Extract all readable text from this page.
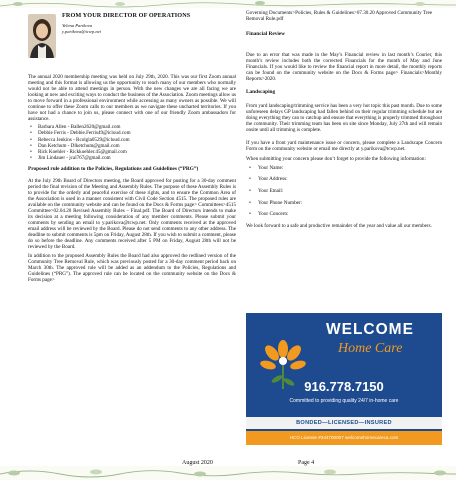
FROM YOUR DIRECTOR OF OPERATIONS
Yelena Parikova
y.parikova@tcwp.net

The annual 2020 membership meeting was held on July 29th, 2020. This was our first Zoom annual meeting and this format is allowing us the opportunity to reach many of our members who normally would not be able to attend meetings in person. With the new changes we are all facing we are looking at new and exciting ways to conduct the business of the Association. Zoom meetings allow us to move forward in a professional environment while accessing as many owners as possible. We will continue to offer these Zoom calls to our members as we navigate these uncharted territories. If you have not had a chance to join us, please connect with one of our friendly Zoom ambassadors for assistance.

• Barbara Allen - Ballen2620@gmail.com
• Debbie Ferris - Debbie.Ferris49@icloud.com
• Rebecca Jenkins - Rcolgla0529@icloud.com
• Dan Ketchum - Dlketchum@gmail.com
• Rick Koehler - Rickkoehler.45@gmail.com
• Jim Lindauer - jcal767@gmail.com

Proposed rule addition to the Policies, Regulations and Guidelines (“PRG”)

At the July 29th Board of Directors meeting, the Board approved for posting for a 30-day comment period the final revision of the Meeting and Assembly Rules. The purpose of these Assembly Rules is to provide for the orderly and peaceful exercise of these rights, and to ensure the Common Area of the Association is used in a manner consistent with Civil Code Section 4515. The proposed rules are available on the community website and can be found on the Docs & Forms page> Committees>4515 Committee>02.04.20 Revised Assembly Rules – Final.pdf. The Board of Directors intends to make its decision at a meeting following consideration of any member comments. Please submit your comments by sending an email to y.parikova@tcwp.net. Only comments received at the approved email address will be reviewed by the Board. Please do not send comments to any other address. The deadline to submit comments is 5pm on Friday, August 28th. If you wish to submit a comment, please do so before the deadline. Any comments received after 5 PM on Friday, August 28th will not be reviewed by the Board.

In addition to the proposed Assembly Rules the Board had also approved the redlined version of the Community Tree Removal Rule, which was previously posted for a 30-day comment period back on March 30th. The approved rule will be added as an addendum to the Policies, Regulations and Guidelines (“PRG”). The approved rule can be located on the community website on the Docs & Forms page>

Governing Documents>Policies, Rules & Guidelines>07.30.20 Approved Community Tree Removal Rule.pdf

Financial Review

Due to an error that was made in the May’s Financial review in last month’s Courier, this month’s review includes both the corrected Financials for the month of May and June Financials. If you would like to review the financial report in more detail, the monthly reports can be found on the community website on the Docs & Forms page> Financials>Monthly Reports>2020.

Landscaping

From yard landscaping/trimming service has been a very hot topic this past month. Due to some unforeseen delays GP landscaping had fallen behind on their regular trimming schedule but are doing everything they can to catchup and ensure that everything is properly trimmed throughout the community. Their trimming team has been on site since Monday, July 27th and will remain onsite until all trimming is complete.

If you have a front yard maintenance issue or concern, please complete a Landscape Concern Form on the community website or email me directly at y.parikova@tcwp.net.

When submitting your concern please don’t forget to provide the following information:

• Your Name:
• Your Address:
• Your Email:
• Your Phone Number:
• Your Concern:

We look forward to a safe and productive remainder of the year and value all our members.

WELCOME
Home Care
916.778.7150
Committed to providing quality 24/7 in-home care
BONDED—LICENSED—INSURED
HCO License #344700007 welcomehomecareca.com
August 2020	Page 4
